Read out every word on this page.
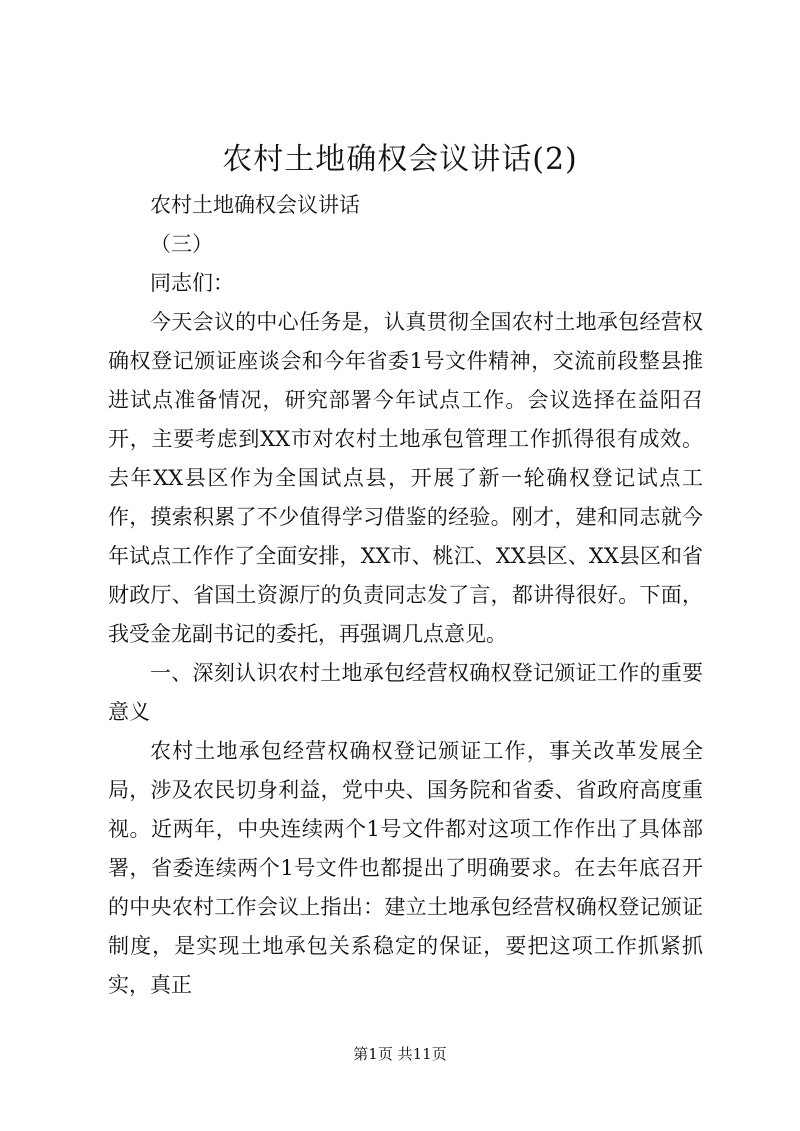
农村土地确权会议讲话(2)

农村土地确权会议讲话

（三）

同志们：

今天会议的中心任务是，认真贯彻全国农村土地承包经营权确权登记颁证座谈会和今年省委1号文件精神，交流前段整县推进试点准备情况，研究部署今年试点工作。会议选择在益阳召开，主要考虑到XX市对农村土地承包管理工作抓得很有成效。去年XX县区作为全国试点县，开展了新一轮确权登记试点工作，摸索积累了不少值得学习借鉴的经验。刚才，建和同志就今年试点工作作了全面安排，XX市、桃江、XX县区、XX县区和省财政厅、省国土资源厅的负责同志发了言，都讲得很好。下面，我受金龙副书记的委托，再强调几点意见。

一、深刻认识农村土地承包经营权确权登记颁证工作的重要意义

农村土地承包经营权确权登记颁证工作，事关改革发展全局，涉及农民切身利益，党中央、国务院和省委、省政府高度重视。近两年，中央连续两个1号文件都对这项工作作出了具体部署，省委连续两个1号文件也都提出了明确要求。在去年底召开的中央农村工作会议上指出：建立土地承包经营权确权登记颁证制度，是实现土地承包关系稳定的保证，要把这项工作抓紧抓实，真正

第1页 共11页
